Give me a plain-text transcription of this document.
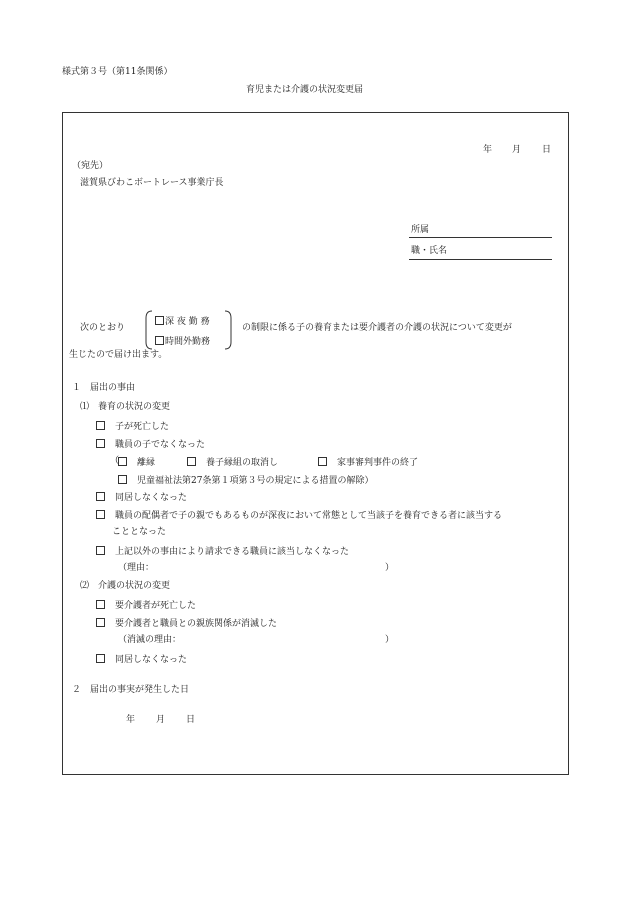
様式第３号（第11条関係）
育児または介護の状況変更届
年 月 日
（宛先）
滋賀県びわこボートレース事業庁長
所属
職・氏名
次のとおり
深 夜 勤 務
時間外勤務
の制限に係る子の養育または要介護者の介護の状況について変更が
生じたので届け出ます。
１　届出の事由
⑴　養育の状況の変更
　子が死亡した
　職員の子でなくなった
（
　	離縁
　	養子縁組の取消し
　	家事審判事件の終了
　児童福祉法第27条第１項第３号の規定による措置の解除）
　同居しなくなった
　職員の配偶者で子の親でもあるものが深夜において常態として当該子を養育できる者に該当する
こととなった
　上記以外の事由により請求できる職員に該当しなくなった
（理由：	）
⑵　介護の状況の変更
　要介護者が死亡した
　要介護者と職員との親族関係が消滅した
（消滅の理由：	）
　同居しなくなった
２　届出の事実が発生した日
年 月 日
